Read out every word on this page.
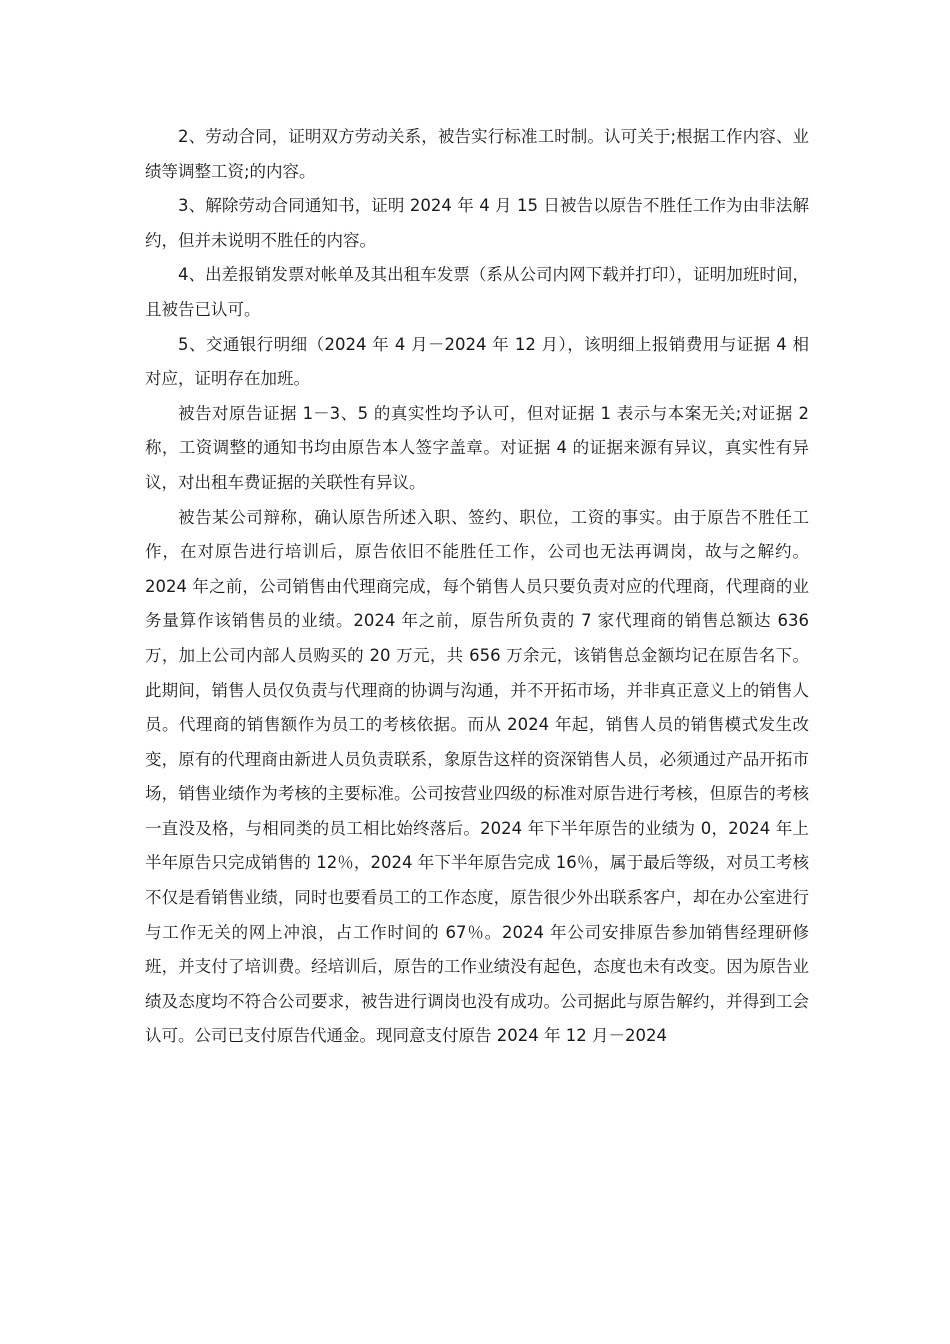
2、劳动合同，证明双方劳动关系，被告实行标准工时制。认可关于;根据工作内容、业绩等调整工资;的内容。

3、解除劳动合同通知书，证明 2024 年 4 月 15 日被告以原告不胜任工作为由非法解约，但并未说明不胜任的内容。

4、出差报销发票对帐单及其出租车发票（系从公司内网下载并打印），证明加班时间，且被告已认可。

5、交通银行明细（2024 年 4 月－2024 年 12 月），该明细上报销费用与证据 4 相对应，证明存在加班。

被告对原告证据 1－3、5 的真实性均予认可，但对证据 1 表示与本案无关;对证据 2 称，工资调整的通知书均由原告本人签字盖章。对证据 4 的证据来源有异议，真实性有异议，对出租车费证据的关联性有异议。

被告某公司辩称，确认原告所述入职、签约、职位，工资的事实。由于原告不胜任工作，在对原告进行培训后，原告依旧不能胜任工作，公司也无法再调岗，故与之解约。2024 年之前，公司销售由代理商完成，每个销售人员只要负责对应的代理商，代理商的业务量算作该销售员的业绩。2024 年之前，原告所负责的 7 家代理商的销售总额达 636 万，加上公司内部人员购买的 20 万元，共 656 万余元，该销售总金额均记在原告名下。此期间，销售人员仅负责与代理商的协调与沟通，并不开拓市场，并非真正意义上的销售人员。代理商的销售额作为员工的考核依据。而从 2024 年起，销售人员的销售模式发生改变，原有的代理商由新进人员负责联系，象原告这样的资深销售人员，必须通过产品开拓市场，销售业绩作为考核的主要标准。公司按营业四级的标准对原告进行考核，但原告的考核一直没及格，与相同类的员工相比始终落后。2024 年下半年原告的业绩为 0，2024 年上半年原告只完成销售的 12％，2024 年下半年原告完成 16％，属于最后等级，对员工考核不仅是看销售业绩，同时也要看员工的工作态度，原告很少外出联系客户，却在办公室进行与工作无关的网上冲浪，占工作时间的 67％。2024 年公司安排原告参加销售经理研修班，并支付了培训费。经培训后，原告的工作业绩没有起色，态度也未有改变。因为原告业绩及态度均不符合公司要求，被告进行调岗也没有成功。公司据此与原告解约，并得到工会认可。公司已支付原告代通金。现同意支付原告 2024 年 12 月－2024
